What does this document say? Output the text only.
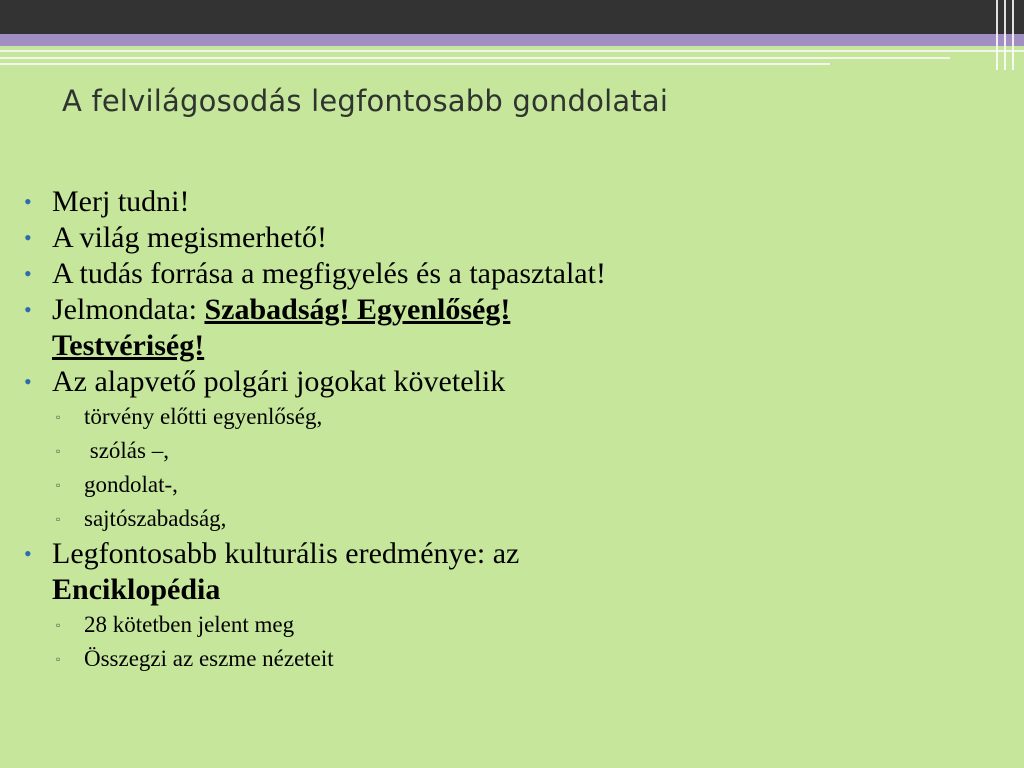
A felvilágosodás legfontosabb gondolatai
• Merj tudni!
• A világ megismerhető!
• A tudás forrása a megfigyelés és a tapasztalat!
• Jelmondata: Szabadság! Egyenlőség!
Testvériség!
• Az alapvető polgári jogokat követelik
▫ törvény előtti egyenlőség,
▫ szólás –,
▫ gondolat-,
▫ sajtószabadság,
• Legfontosabb kulturális eredménye: az
Enciklopédia
▫ 28 kötetben jelent meg
▫ Összegzi az eszme nézeteit
